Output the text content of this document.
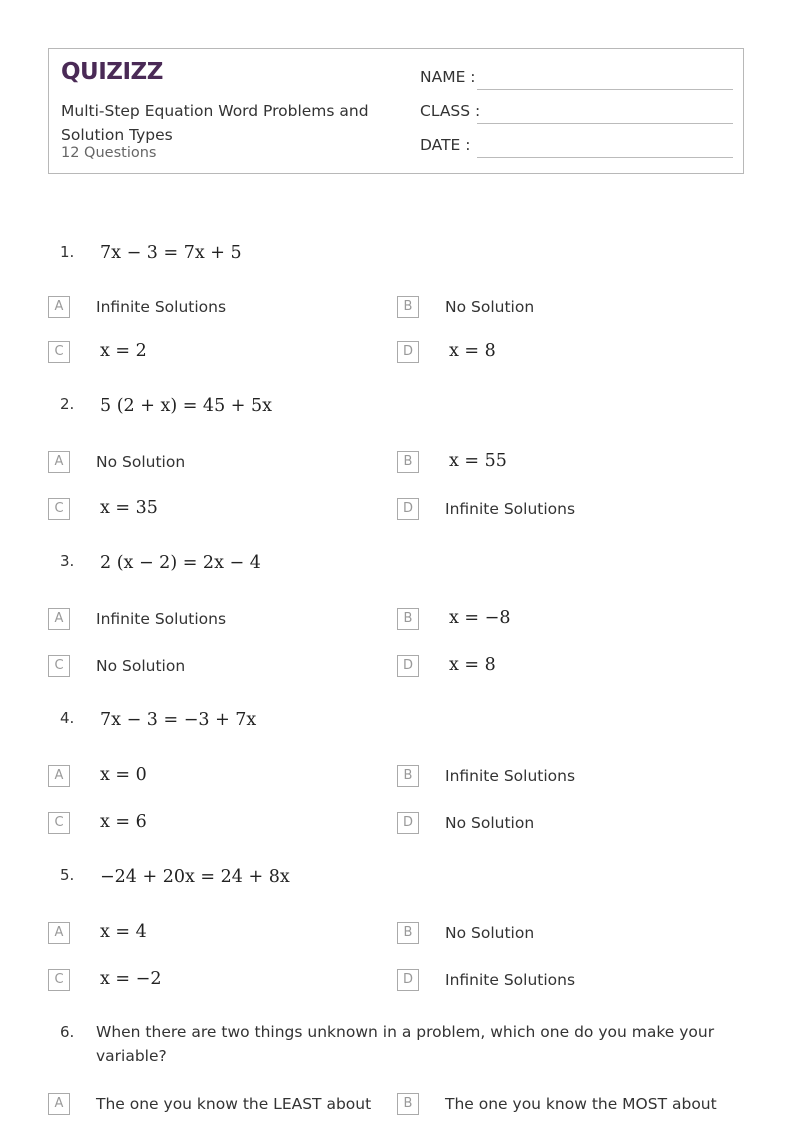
QUIZIZZ
Multi-Step Equation Word Problems and Solution Types
12 Questions
NAME :
CLASS :
DATE :
1. 7x − 3 = 7x + 5
A	Infinite Solutions	B	No Solution
C	x = 2	D	x = 8
2. 5 (2 + x) = 45 + 5x
A	No Solution	B	x = 55
C	x = 35	D	Infinite Solutions
3. 2 (x − 2) = 2x − 4
A	Infinite Solutions	B	x = −8
C	No Solution	D	x = 8
4. 7x − 3 = −3 + 7x
A	x = 0	B	Infinite Solutions
C	x = 6	D	No Solution
5. −24 + 20x = 24 + 8x
A	x = 4	B	No Solution
C	x = −2	D	Infinite Solutions
6. When there are two things unknown in a problem, which one do you make your variable?
A	The one you know the LEAST about	B	The one you know the MOST about
